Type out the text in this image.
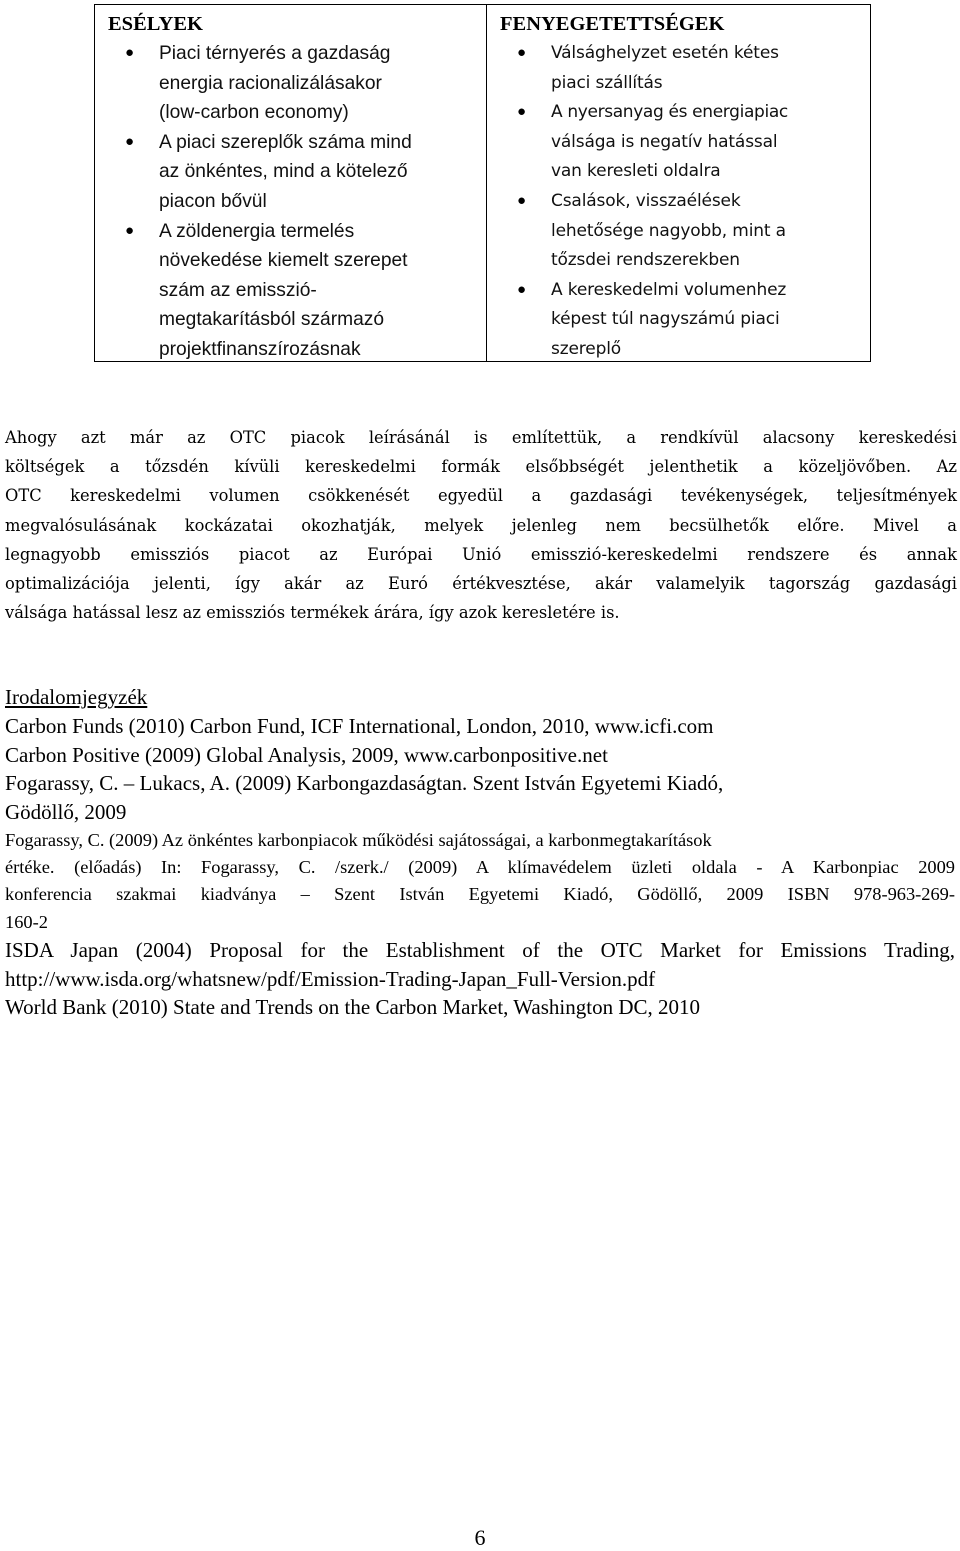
ESÉLYEK
● Piaci térnyerés a gazdaság
energia racionalizálásakor
(low-carbon economy)
● A piaci szereplők száma mind
az önkéntes, mind a kötelező
piacon bővül
● A zöldenergia termelés
növekedése kiemelt szerepet
szám az emisszió-
megtakarításból származó
projektfinanszírozásnak
FENYEGETETTSÉGEK
● Válsághelyzet esetén kétes
piaci szállítás
● A nyersanyag és energiapiac
válsága is negatív hatással
van keresleti oldalra
● Csalások, visszaélések
lehetősége nagyobb, mint a
tőzsdei rendszerekben
● A kereskedelmi volumenhez
képest túl nagyszámú piaci
szereplő
Ahogy azt már az OTC piacok leírásánál is említettük, a rendkívül alacsony kereskedési
költségek a tőzsdén kívüli kereskedelmi formák elsőbbségét jelenthetik a közeljövőben. Az
OTC kereskedelmi volumen csökkenését egyedül a gazdasági tevékenységek, teljesítmények
megvalósulásának kockázatai okozhatják, melyek jelenleg nem becsülhetők előre. Mivel a
legnagyobb emissziós piacot az Európai Unió emisszió-kereskedelmi rendszere és annak
optimalizációja jelenti, így akár az Euró értékvesztése, akár valamelyik tagország gazdasági
válsága hatással lesz az emissziós termékek árára, így azok keresletére is.
Irodalomjegyzék
Carbon Funds (2010) Carbon Fund, ICF International, London, 2010, www.icfi.com
Carbon Positive (2009) Global Analysis, 2009, www.carbonpositive.net
Fogarassy, C. – Lukacs, A. (2009) Karbongazdaságtan. Szent István Egyetemi Kiadó,
Gödöllő, 2009
Fogarassy, C. (2009) Az önkéntes karbonpiacok működési sajátosságai, a karbonmegtakarítások
értéke. (előadás) In: Fogarassy, C. /szerk./ (2009) A klímavédelem üzleti oldala - A Karbonpiac 2009
konferencia szakmai kiadványa – Szent István Egyetemi Kiadó, Gödöllő, 2009 ISBN 978-963-269-
160-2
ISDA Japan (2004) Proposal for the Establishment of the OTC Market for Emissions Trading,
http://www.isda.org/whatsnew/pdf/Emission-Trading-Japan_Full-Version.pdf
World Bank (2010) State and Trends on the Carbon Market, Washington DC, 2010
6
